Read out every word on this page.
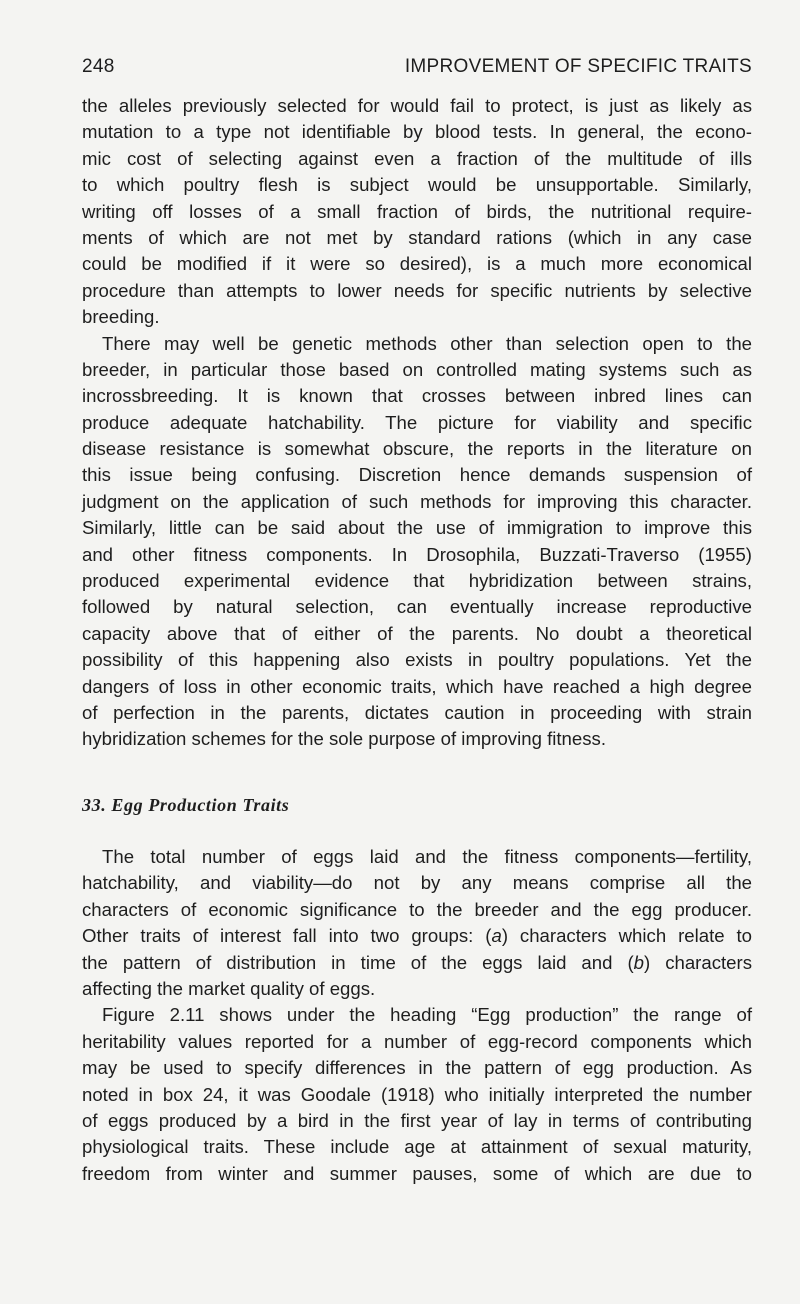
248	IMPROVEMENT OF SPECIFIC TRAITS
the alleles previously selected for would fail to protect, is just as likely as
mutation to a type not identifiable by blood tests. In general, the econo-
mic cost of selecting against even a fraction of the multitude of ills
to which poultry flesh is subject would be unsupportable. Similarly,
writing off losses of a small fraction of birds, the nutritional require-
ments of which are not met by standard rations (which in any case
could be modified if it were so desired), is a much more economical
procedure than attempts to lower needs for specific nutrients by selective
breeding.
There may well be genetic methods other than selection open to the
breeder, in particular those based on controlled mating systems such as
incrossbreeding. It is known that crosses between inbred lines can
produce adequate hatchability. The picture for viability and specific
disease resistance is somewhat obscure, the reports in the literature on
this issue being confusing. Discretion hence demands suspension of
judgment on the application of such methods for improving this character.
Similarly, little can be said about the use of immigration to improve this
and other fitness components. In Drosophila, Buzzati-Traverso (1955)
produced experimental evidence that hybridization between strains,
followed by natural selection, can eventually increase reproductive
capacity above that of either of the parents. No doubt a theoretical
possibility of this happening also exists in poultry populations. Yet the
dangers of loss in other economic traits, which have reached a high degree
of perfection in the parents, dictates caution in proceeding with strain
hybridization schemes for the sole purpose of improving fitness.
33. Egg Production Traits
The total number of eggs laid and the fitness components—fertility,
hatchability, and viability—do not by any means comprise all the
characters of economic significance to the breeder and the egg producer.
Other traits of interest fall into two groups: (a) characters which relate to
the pattern of distribution in time of the eggs laid and (b) characters
affecting the market quality of eggs.
Figure 2.11 shows under the heading “Egg production” the range of
heritability values reported for a number of egg-record components which
may be used to specify differences in the pattern of egg production. As
noted in box 24, it was Goodale (1918) who initially interpreted the number
of eggs produced by a bird in the first year of lay in terms of contributing
physiological traits. These include age at attainment of sexual maturity,
freedom from winter and summer pauses, some of which are due to
